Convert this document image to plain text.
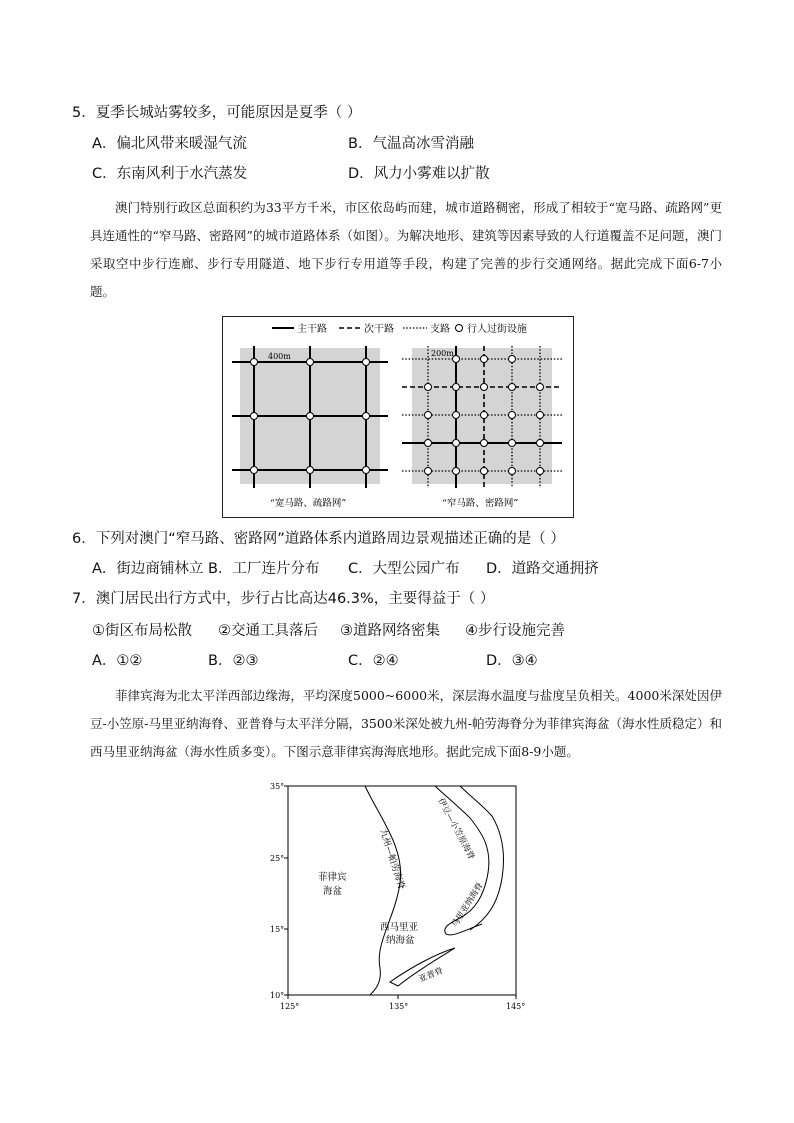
5．夏季长城站雾较多，可能原因是夏季（ ）
A．偏北风带来暖湿气流	B．气温高冰雪消融
C．东南风利于水汽蒸发	D．风力小雾难以扩散
澳门特别行政区总面积约为33平方千米，市区依岛屿而建，城市道路稠密，形成了相较于“宽马路、疏路网”更具连通性的“窄马路、密路网”的城市道路体系（如图）。为解决地形、建筑等因素导致的人行道覆盖不足问题，澳门采取空中步行连廊、步行专用隧道、地下步行专用道等手段，构建了完善的步行交通网络。据此完成下面6-7小题。
主干路	次干路	支路 行人过街设施
400m
“宽马路、疏路网”
200m
“窄马路、密路网”
6．下列对澳门“窄马路、密路网”道路体系内道路周边景观描述正确的是（ ）
A．街边商铺林立 B．工厂连片分布 C．大型公园广布 D．道路交通拥挤
7．澳门居民出行方式中，步行占比高达46.3%，主要得益于（ ）
①街区布局松散 ②交通工具落后 ③道路网络密集 ④步行设施完善
A．①②	B．②③	C．②④	D．③④
菲律宾海为北太平洋西部边缘海，平均深度5000~6000米，深层海水温度与盐度呈负相关。4000米深处因伊豆-小笠原-马里亚纳海脊、亚普脊与太平洋分隔，3500米深处被九州-帕劳海脊分为菲律宾海盆（海水性质稳定）和西马里亚纳海盆（海水性质多变）。下图示意菲律宾海海底地形。据此完成下面8-9小题。
35°
25°
15°
10°
125°	135°	145°
菲律宾
海盆
九州—帕劳海脊	伊豆—小笠原海脊
马里亚纳海脊
西马里亚
纳海盆
亚普脊
